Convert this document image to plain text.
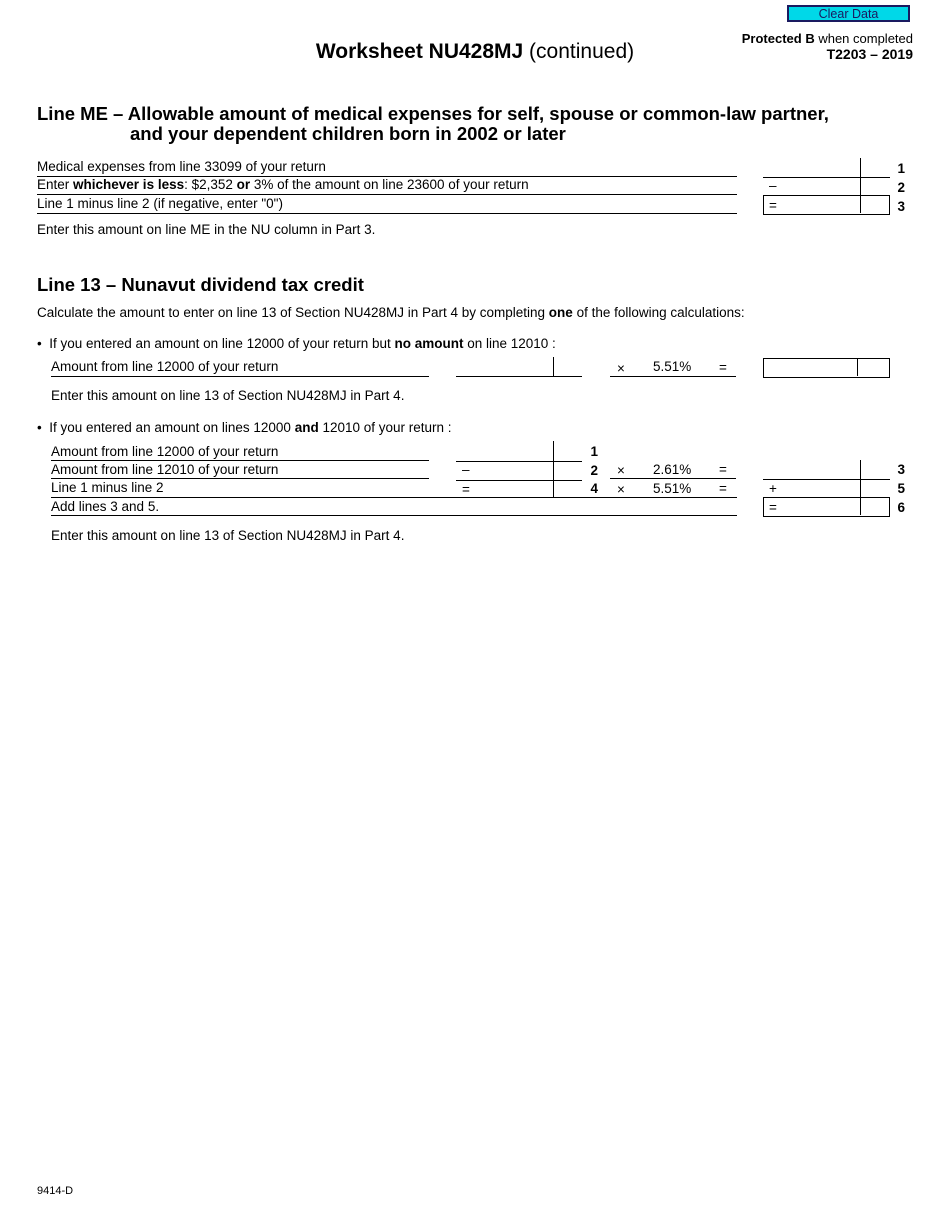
Clear Data
Protected B when completed
T2203 – 2019
Worksheet NU428MJ (continued)
Line ME – Allowable amount of medical expenses for self, spouse or common-law partner,
and your dependent children born in 2002 or later
Medical expenses from line 33099 of your return
Enter whichever is less: $2,352 or 3% of the amount on line 23600 of your return
Line 1 minus line 2 (if negative, enter "0")
–
=
1
2
3
Enter this amount on line ME in the NU column in Part 3.
Line 13 – Nunavut dividend tax credit
Calculate the amount to enter on line 13 of Section NU428MJ in Part 4 by completing one of the following calculations:
• If you entered an amount on line 12000 of your return but no amount on line 12010 :
Amount from line 12000 of your return	× 5.51% =
Enter this amount on line 13 of Section NU428MJ in Part 4.
• If you entered an amount on lines 12000 and 12010 of your return :
Amount from line 12000 of your return
Amount from line 12010 of your return
Line 1 minus line 2
Add lines 3 and 5.
–
=
1
2
4
× 2.61% =
× 5.51% =	+
=
3
5
6
Enter this amount on line 13 of Section NU428MJ in Part 4.
9414-D
